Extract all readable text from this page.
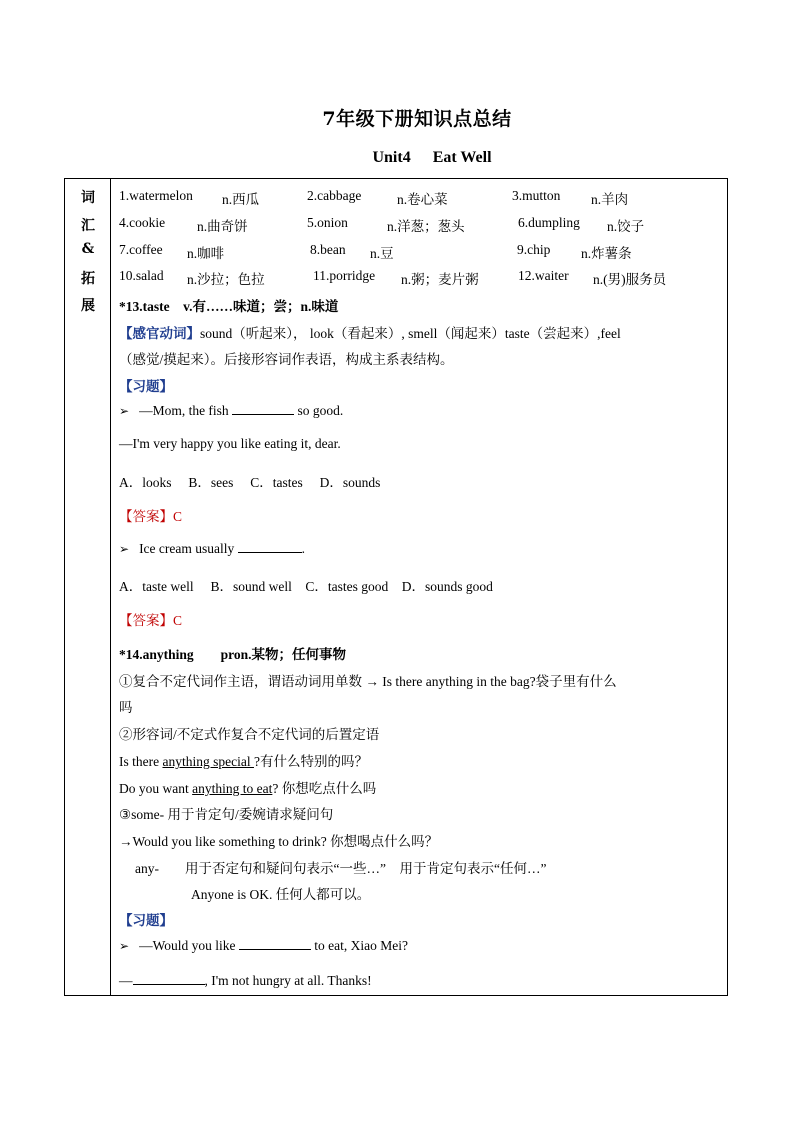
7年级下册知识点总结
Unit4 Eat Well
词
汇
&
拓
展
1.watermelon n.西瓜	2.cabbage	n.卷心菜	3.mutton n.羊肉
4.cookie n.曲奇饼	5.onion	n.洋葱；葱头	6.dumpling n.饺子
7.coffee n.咖啡	8.bean n.豆	9.chip n.炸薯条
10.salad n.沙拉；色拉	11.porridge n.粥；麦片粥	12.waiter n.(男)服务员
*13.taste　v.有……味道；尝；n.味道
【感官动词】sound（听起来）， look（看起来）, smell（闻起来）taste（尝起来）,feel
（感觉/摸起来）。后接形容词作表语，构成主系表结构。
【习题】
➢ —Mom, the fish	so good.
—I'm very happy you like eating it, dear.
A．looks　 B．sees　 C．tastes　 D．sounds
【答案】C
➢ Ice cream usually	.
A．taste well　 B．sound well　C．tastes good　D．sounds good
【答案】C
*14.anything　　pron.某物；任何事物
①复合不定代词作主语，谓语动词用单数 → Is there anything in the bag?袋子里有什么
吗
②形容词/不定式作复合不定代词的后置定语
Is there anything special ?有什么特别的吗？
Do you want anything to eat? 你想吃点什么吗
③some- 用于肯定句/委婉请求疑问句
→Would you like something to drink? 你想喝点什么吗？
any- 用于否定句和疑问句表示“一些…”　用于肯定句表示“任何…”
Anyone is OK. 任何人都可以。
【习题】
➢ —Would you like	to eat, Xiao Mei?
—	, I'm not hungry at all. Thanks!
